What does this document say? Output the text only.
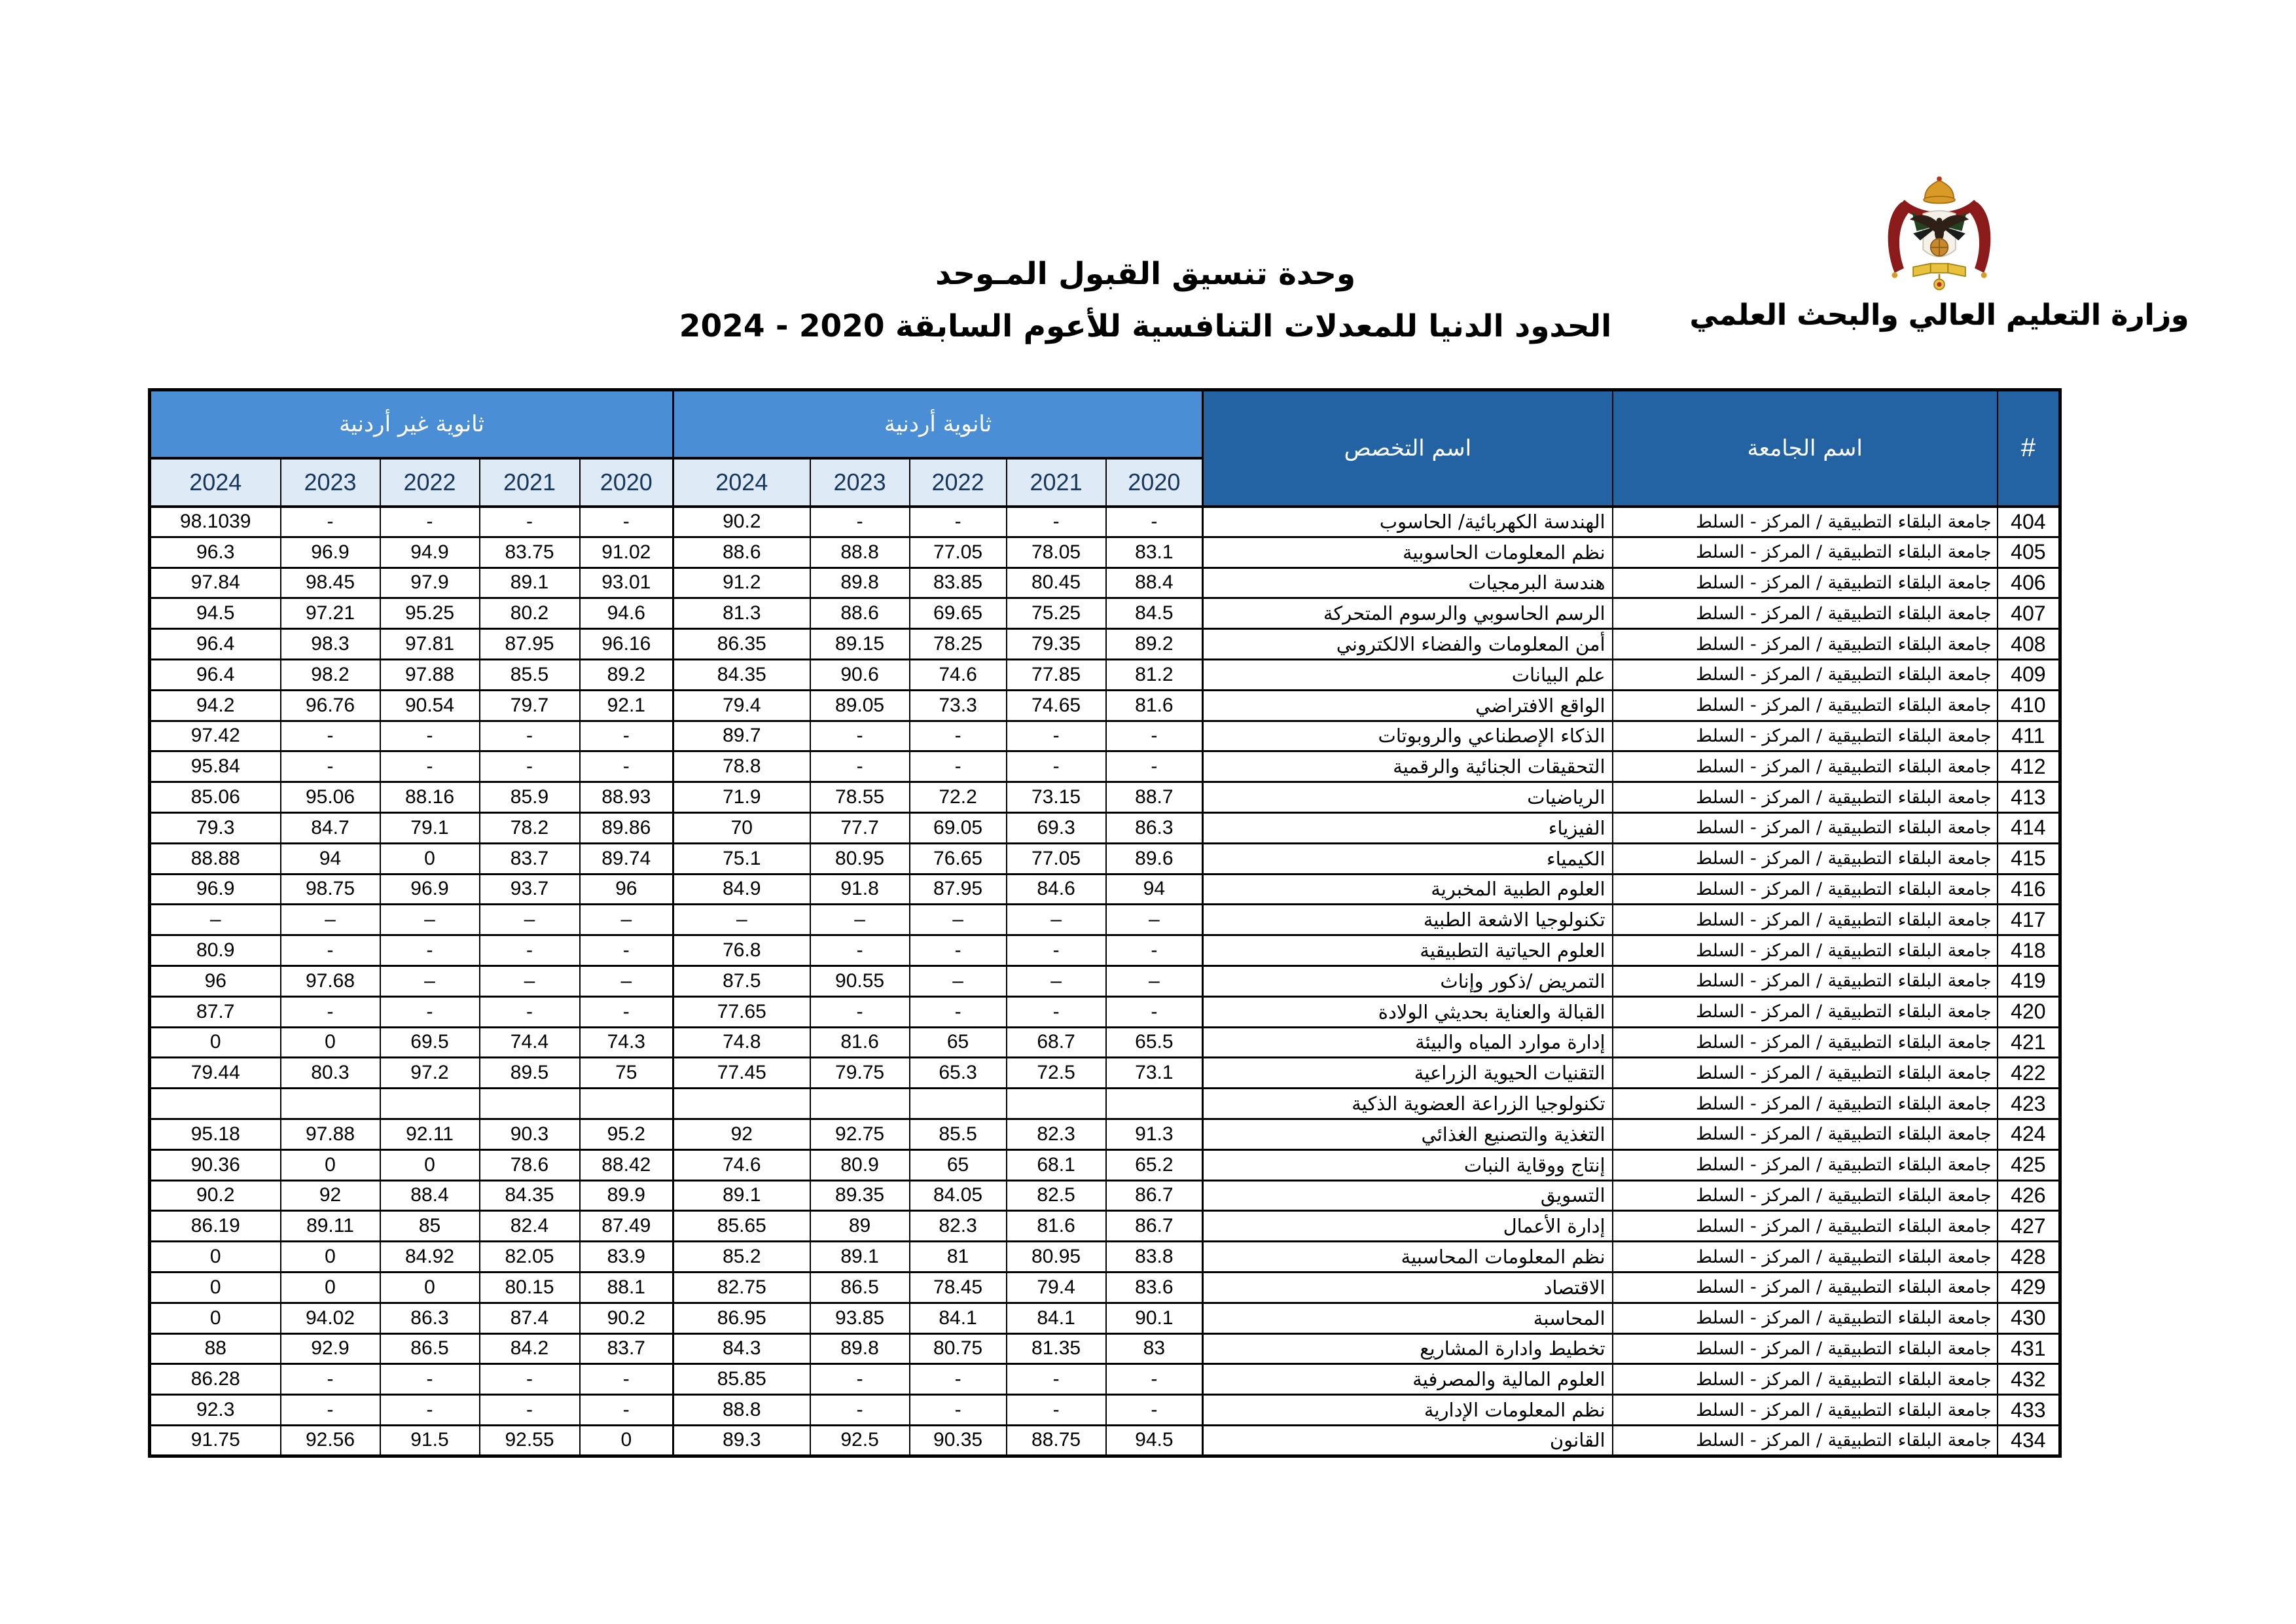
وحدة تنسيق القبول المـوحد
الحدود الدنيا للمعدلات التنافسية للأعوم السابقة 2020 - 2024	وزارة التعليم العالي والبحث العلمي
ثانوية غير أردنية					ثانوية أردنية					اسم التخصص	اسم الجامعة	#
2024	2023	2022	2021	2020	2024	2023	2022	2021	2020			
98.1039	-	-	-	-	90.2	-	-	-	-	الهندسة الكهربائية/ الحاسوب	جامعة البلقاء التطبيقية / المركز - السلط	404
96.3	96.9	94.9	83.75	91.02	88.6	88.8	77.05	78.05	83.1	نظم المعلومات الحاسوبية	جامعة البلقاء التطبيقية / المركز - السلط	405
97.84	98.45	97.9	89.1	93.01	91.2	89.8	83.85	80.45	88.4	هندسة البرمجيات	جامعة البلقاء التطبيقية / المركز - السلط	406
94.5	97.21	95.25	80.2	94.6	81.3	88.6	69.65	75.25	84.5	الرسم الحاسوبي والرسوم المتحركة	جامعة البلقاء التطبيقية / المركز - السلط	407
96.4	98.3	97.81	87.95	96.16	86.35	89.15	78.25	79.35	89.2	أمن المعلومات والفضاء الالكتروني	جامعة البلقاء التطبيقية / المركز - السلط	408
96.4	98.2	97.88	85.5	89.2	84.35	90.6	74.6	77.85	81.2	علم البيانات	جامعة البلقاء التطبيقية / المركز - السلط	409
94.2	96.76	90.54	79.7	92.1	79.4	89.05	73.3	74.65	81.6	الواقع الافتراضي	جامعة البلقاء التطبيقية / المركز - السلط	410
97.42	-	-	-	-	89.7	-	-	-	-	الذكاء الإصطناعي والروبوتات	جامعة البلقاء التطبيقية / المركز - السلط	411
95.84	-	-	-	-	78.8	-	-	-	-	التحقيقات الجنائية والرقمية	جامعة البلقاء التطبيقية / المركز - السلط	412
85.06	95.06	88.16	85.9	88.93	71.9	78.55	72.2	73.15	88.7	الرياضيات	جامعة البلقاء التطبيقية / المركز - السلط	413
79.3	84.7	79.1	78.2	89.86	70	77.7	69.05	69.3	86.3	الفيزياء	جامعة البلقاء التطبيقية / المركز - السلط	414
88.88	94	0	83.7	89.74	75.1	80.95	76.65	77.05	89.6	الكيمياء	جامعة البلقاء التطبيقية / المركز - السلط	415
96.9	98.75	96.9	93.7	96	84.9	91.8	87.95	84.6	94	العلوم الطبية المخبرية	جامعة البلقاء التطبيقية / المركز - السلط	416
–	–	–	–	–	–	–	–	–	–	تكنولوجيا الاشعة الطبية	جامعة البلقاء التطبيقية / المركز - السلط	417
80.9	-	-	-	-	76.8	-	-	-	-	العلوم الحياتية التطبيقية	جامعة البلقاء التطبيقية / المركز - السلط	418
96	97.68	–	–	–	87.5	90.55	–	–	–	التمريض /ذكور وإناث	جامعة البلقاء التطبيقية / المركز - السلط	419
87.7	-	-	-	-	77.65	-	-	-	-	القبالة والعناية بحديثي الولادة	جامعة البلقاء التطبيقية / المركز - السلط	420
0	0	69.5	74.4	74.3	74.8	81.6	65	68.7	65.5	إدارة موارد المياه والبيئة	جامعة البلقاء التطبيقية / المركز - السلط	421
79.44	80.3	97.2	89.5	75	77.45	79.75	65.3	72.5	73.1	التقنيات الحيوية الزراعية	جامعة البلقاء التطبيقية / المركز - السلط	422
										تكنولوجيا الزراعة العضوية الذكية	جامعة البلقاء التطبيقية / المركز - السلط	423
95.18	97.88	92.11	90.3	95.2	92	92.75	85.5	82.3	91.3	التغذية والتصنيع الغذائي	جامعة البلقاء التطبيقية / المركز - السلط	424
90.36	0	0	78.6	88.42	74.6	80.9	65	68.1	65.2	إنتاج ووقاية النبات	جامعة البلقاء التطبيقية / المركز - السلط	425
90.2	92	88.4	84.35	89.9	89.1	89.35	84.05	82.5	86.7	التسويق	جامعة البلقاء التطبيقية / المركز - السلط	426
86.19	89.11	85	82.4	87.49	85.65	89	82.3	81.6	86.7	إدارة الأعمال	جامعة البلقاء التطبيقية / المركز - السلط	427
0	0	84.92	82.05	83.9	85.2	89.1	81	80.95	83.8	نظم المعلومات المحاسبية	جامعة البلقاء التطبيقية / المركز - السلط	428
0	0	0	80.15	88.1	82.75	86.5	78.45	79.4	83.6	الاقتصاد	جامعة البلقاء التطبيقية / المركز - السلط	429
0	94.02	86.3	87.4	90.2	86.95	93.85	84.1	84.1	90.1	المحاسبة	جامعة البلقاء التطبيقية / المركز - السلط	430
88	92.9	86.5	84.2	83.7	84.3	89.8	80.75	81.35	83	تخطيط وادارة المشاريع	جامعة البلقاء التطبيقية / المركز - السلط	431
86.28	-	-	-	-	85.85	-	-	-	-	العلوم المالية والمصرفية	جامعة البلقاء التطبيقية / المركز - السلط	432
92.3	-	-	-	-	88.8	-	-	-	-	نظم المعلومات الإدارية	جامعة البلقاء التطبيقية / المركز - السلط	433
91.75	92.56	91.5	92.55	0	89.3	92.5	90.35	88.75	94.5	القانون	جامعة البلقاء التطبيقية / المركز - السلط	434
